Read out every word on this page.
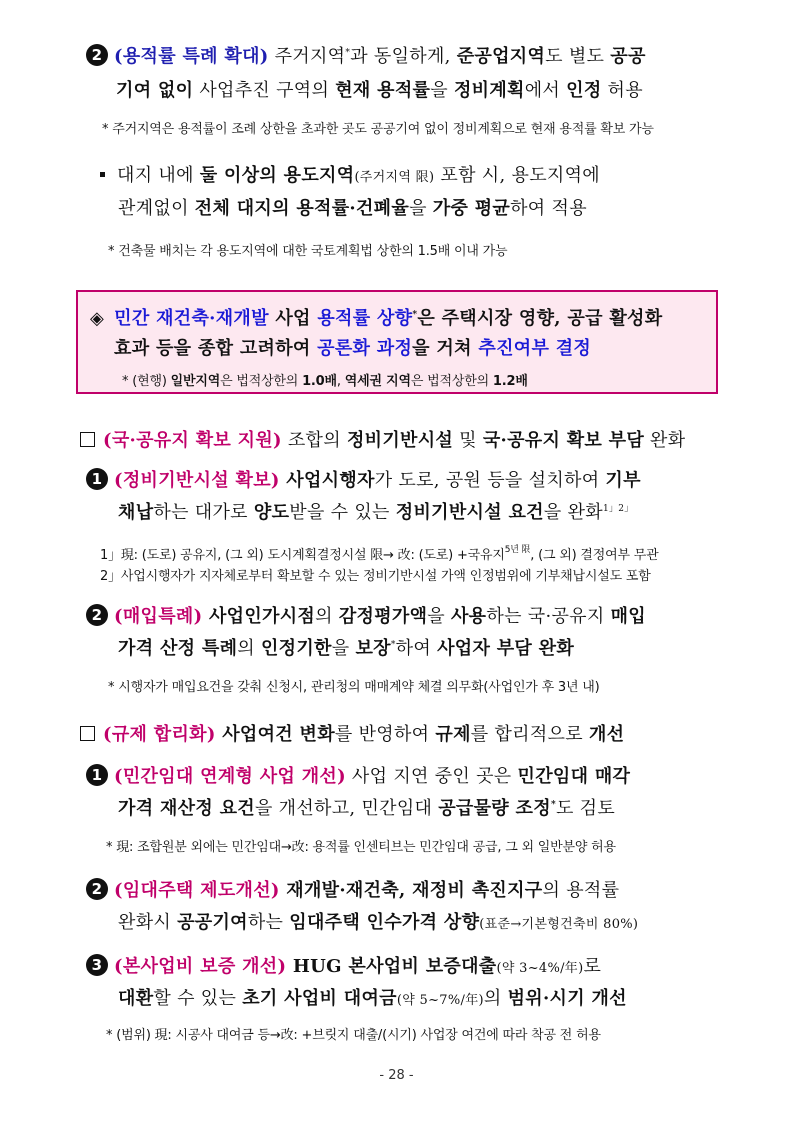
2 (용적률 특례 확대) 주거지역*과 동일하게, 준공업지역도 별도 공공
기여 없이 사업추진 구역의 현재 용적률을 정비계획에서 인정 허용
* 주거지역은 용적률이 조례 상한을 초과한 곳도 공공기여 없이 정비계획으로 현재 용적률 확보 가능
대지 내에 둘 이상의 용도지역(주거지역 限) 포함 시, 용도지역에
관계없이 전체 대지의 용적률·건폐율을 가중 평균하여 적용
* 건축물 배치는 각 용도지역에 대한 국토계획법 상한의 1.5배 이내 가능
◈ 민간 재건축·재개발 사업 용적률 상향*은 주택시장 영향, 공급 활성화
효과 등을 종합 고려하여 공론화 과정을 거쳐 추진여부 결정
* (현행) 일반지역은 법적상한의 1.0배, 역세권 지역은 법적상한의 1.2배
(국·공유지 확보 지원) 조합의 정비기반시설 및 국·공유지 확보 부담 완화
1 (정비기반시설 확보) 사업시행자가 도로, 공원 등을 설치하여 기부
채납하는 대가로 양도받을 수 있는 정비기반시설 요건을 완화$^{1」2」}$
1」現: (도로) 공유지, (그 외) 도시계획결정시설 限→ 改: (도로) +국유지$^{5년 限}$, (그 외) 결정여부 무관
2」사업시행자가 지자체로부터 확보할 수 있는 정비기반시설 가액 인정범위에 기부채납시설도 포함
2 (매입특례) 사업인가시점의 감정평가액을 사용하는 국·공유지 매입
가격 산정 특례의 인정기한을 보장*하여 사업자 부담 완화
* 시행자가 매입요건을 갖춰 신청시, 관리청의 매매계약 체결 의무화(사업인가 후 3년 내)
(규제 합리화) 사업여건 변화를 반영하여 규제를 합리적으로 개선
1 (민간임대 연계형 사업 개선) 사업 지연 중인 곳은 민간임대 매각
가격 재산정 요건을 개선하고, 민간임대 공급물량 조정*도 검토
* 現: 조합원분 외에는 민간임대→改: 용적률 인센티브는 민간임대 공급, 그 외 일반분양 허용
2 (임대주택 제도개선) 재개발·재건축, 재정비 촉진지구의 용적률
완화시 공공기여하는 임대주택 인수가격 상향(표준→기본형건축비 80%)
3 (본사업비 보증 개선) HUG 본사업비 보증대출(약 3~4%/年)로
대환할 수 있는 초기 사업비 대여금(약 5~7%/年)의 범위·시기 개선
* (범위) 現: 시공사 대여금 등→改: +브릿지 대출/(시기) 사업장 여건에 따라 착공 전 허용
- 28 -
